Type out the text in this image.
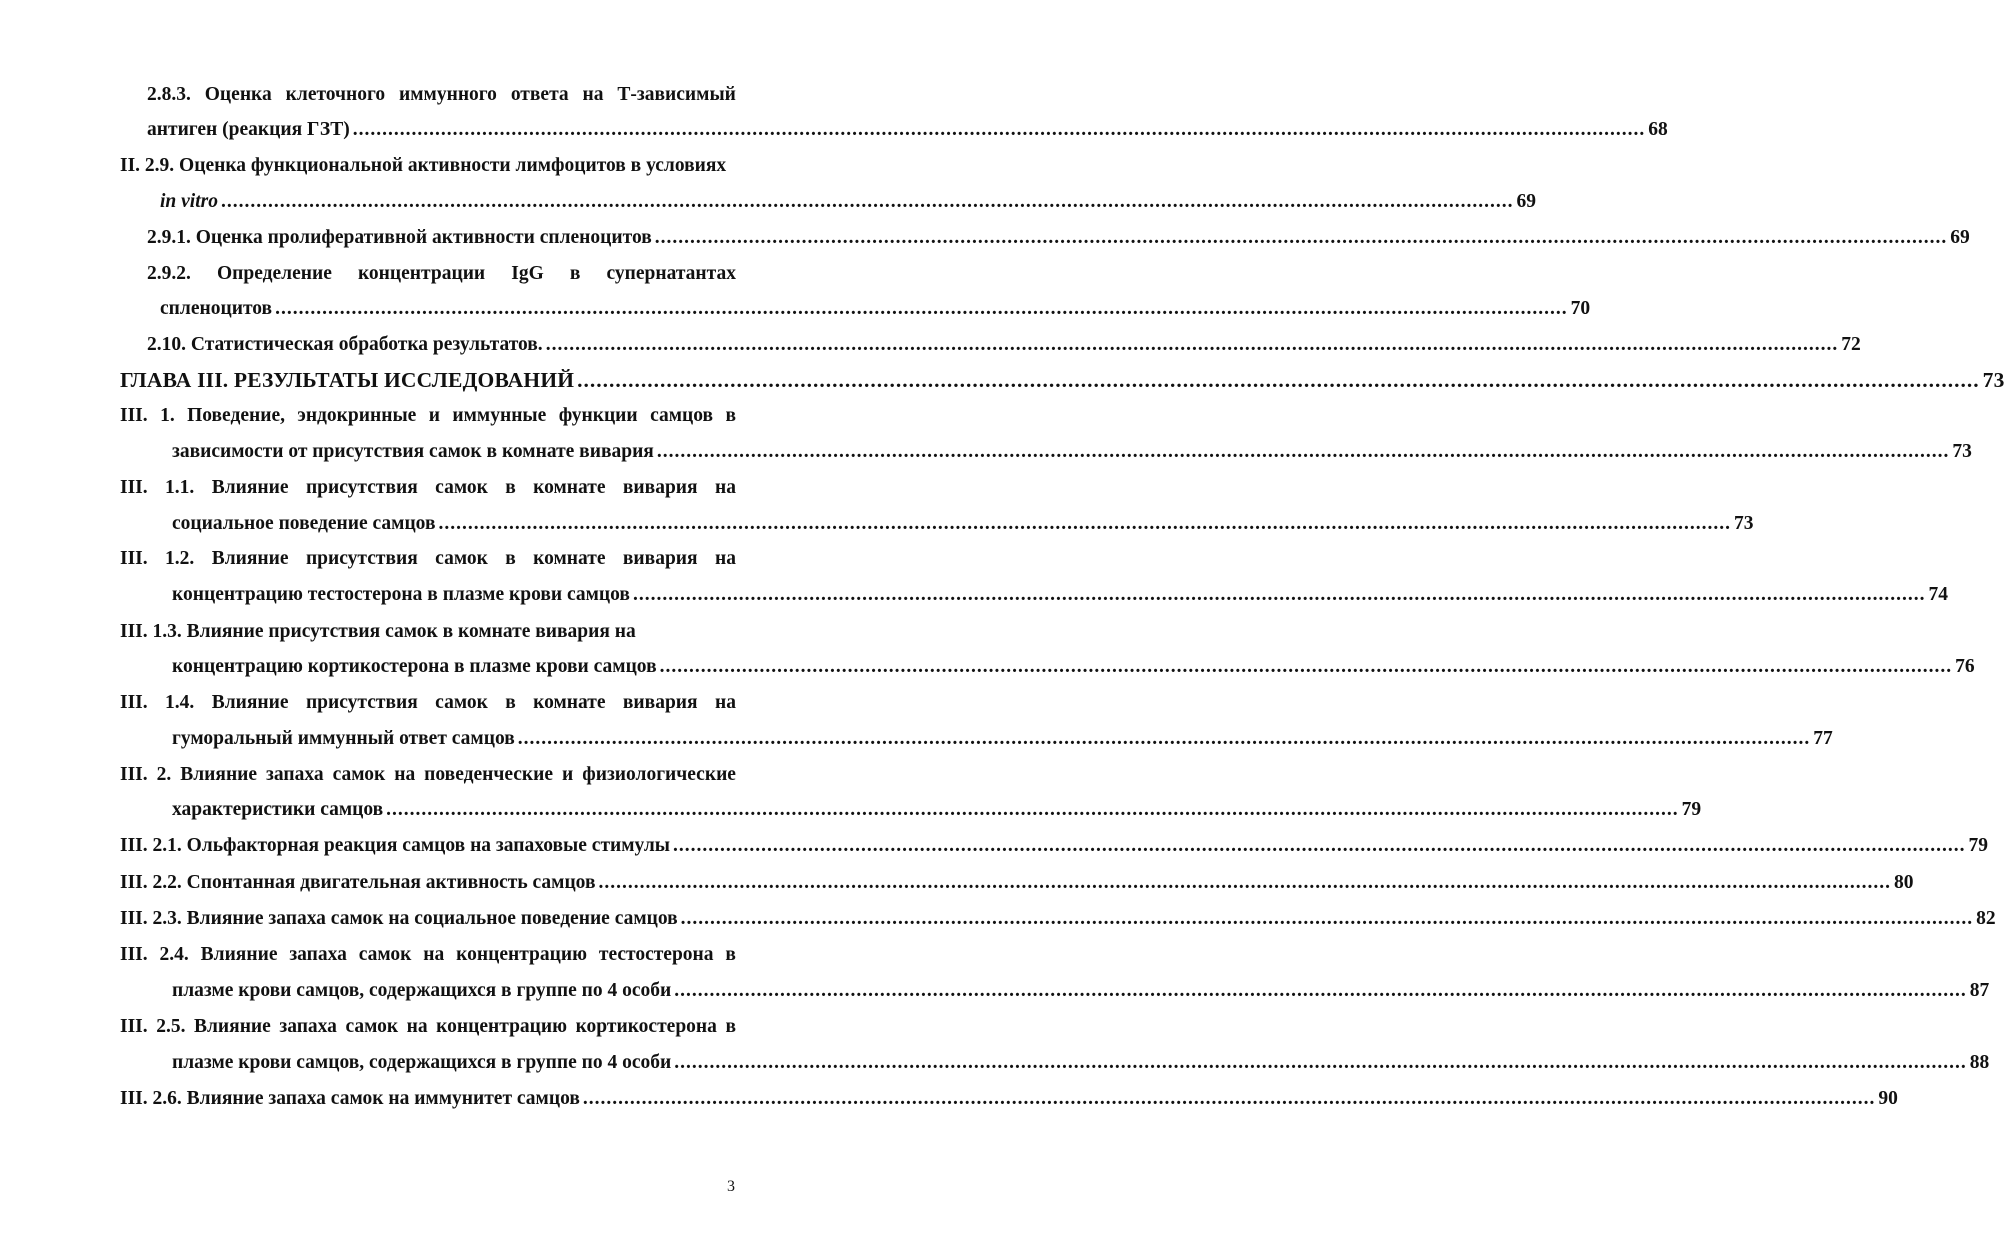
2.8.3. Оценка клеточного иммунного ответа на Т-зависимый
антиген (реакция ГЗТ) ............................................................................................................................................................................................................................ 68
II. 2.9. Оценка функциональной активности лимфоцитов в условиях
in vitro ............................................................................................................................................................................................................................ 69
2.9.1. Оценка пролиферативной активности спленоцитов ............................................................................................................................................................................................................................ 69
2.9.2. Определение концентрации IgG в супернатантах
спленоцитов ............................................................................................................................................................................................................................ 70
2.10. Статистическая обработка результатов. ............................................................................................................................................................................................................................ 72
ГЛАВА III. РЕЗУЛЬТАТЫ ИССЛЕДОВАНИЙ ............................................................................................................................................................................................................................ 73
III. 1. Поведение, эндокринные и иммунные функции самцов в
зависимости от присутствия самок в комнате вивария ............................................................................................................................................................................................................................ 73
III. 1.1. Влияние присутствия самок в комнате вивария на
социальное поведение самцов ............................................................................................................................................................................................................................ 73
III. 1.2. Влияние присутствия самок в комнате вивария на
концентрацию тестостерона в плазме крови самцов ............................................................................................................................................................................................................................ 74
III. 1.3. Влияние присутствия самок в комнате вивария на
концентрацию кортикостерона в плазме крови самцов ............................................................................................................................................................................................................................ 76
III. 1.4. Влияние присутствия самок в комнате вивария на
гуморальный иммунный ответ самцов ............................................................................................................................................................................................................................ 77
III. 2. Влияние запаха самок на поведенческие и физиологические
характеристики самцов ............................................................................................................................................................................................................................ 79
III. 2.1. Ольфакторная реакция самцов на запаховые стимулы ............................................................................................................................................................................................................................ 79
III. 2.2. Спонтанная двигательная активность самцов ............................................................................................................................................................................................................................ 80
III. 2.3. Влияние запаха самок на социальное поведение самцов ............................................................................................................................................................................................................................ 82
III. 2.4. Влияние запаха самок на концентрацию тестостерона в
плазме крови самцов, содержащихся в группе по 4 особи ............................................................................................................................................................................................................................ 87
III. 2.5. Влияние запаха самок на концентрацию кортикостерона в
плазме крови самцов, содержащихся в группе по 4 особи ............................................................................................................................................................................................................................ 88
III. 2.6. Влияние запаха самок на иммунитет самцов ............................................................................................................................................................................................................................ 90
3
